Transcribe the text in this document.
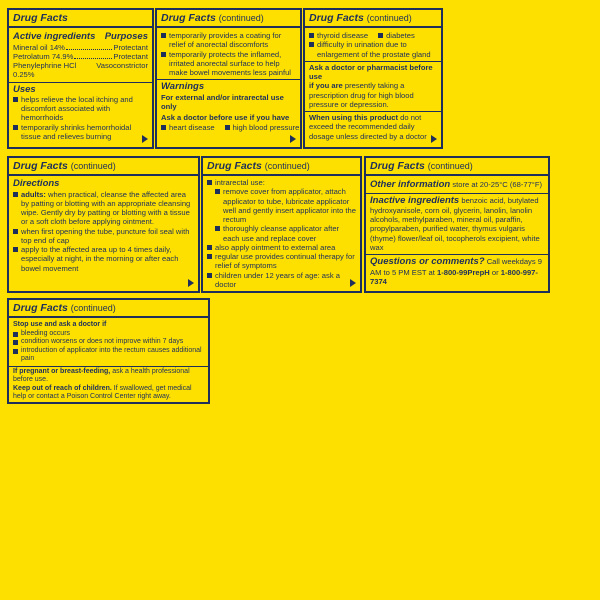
Drug Facts
Active ingredients Purposes
Mineral oil 14%	Protectant
Petrolatum 74.9%	Protectant
Phenylephrine HCl 0.25%
Vasoconstrictor
Uses
helps relieve the local itching and discomfort associated with hemorrhoids
temporarily shrinks hemorrhoidal tissue and relieves burning
Drug Facts (continued)
temporarily provides a coating for relief of anorectal discomforts
temporarily protects the inflamed, irritated anorectal surface to help make bowel movements less painful
Warnings
For external and/or intrarectal use only
Ask a doctor before use if you have
heart disease high blood pressure
Drug Facts (continued)
thyroid disease diabetes
difficulty in urination due to enlargement of the prostate gland
Ask a doctor or pharmacist before use
if you are presently taking a prescription drug for high blood pressure or depression.
When using this product do not exceed the recommended daily dosage unless directed by a doctor
Drug Facts (continued)
Directions
adults: when practical, cleanse the affected area by patting or blotting with an appropriate cleansing wipe. Gently dry by patting or blotting with a tissue or a soft cloth before applying ointment.
when first opening the tube, puncture foil seal with top end of cap
apply to the affected area up to 4 times daily, especially at night, in the morning or after each bowel movement
Drug Facts (continued)
intrarectal use:
remove cover from applicator, attach applicator to tube, lubricate applicator well and gently insert applicator into the rectum
thoroughly cleanse applicator after each use and replace cover
also apply ointment to external area
regular use provides continual therapy for relief of symptoms
children under 12 years of age: ask a doctor
Drug Facts (continued)
Other information store at 20-25°C (68-77°F)
Inactive ingredients benzoic acid, butylated hydroxyanisole, corn oil, glycerin, lanolin, lanolin alcohols, methylparaben, mineral oil, paraffin, propylparaben, purified water, thymus vulgaris (thyme) flower/leaf oil, tocopherols excipient, white wax
Questions or comments? Call weekdays 9 AM to 5 PM EST at 1-800-99PrepH or 1-800-997-7374
Drug Facts (continued)
Stop use and ask a doctor if
bleeding occurs
condition worsens or does not improve within 7 days
introduction of applicator into the rectum causes additional pain
If pregnant or breast-feeding, ask a health professional before use.
Keep out of reach of children. If swallowed, get medical help or contact a Poison Control Center right away.
